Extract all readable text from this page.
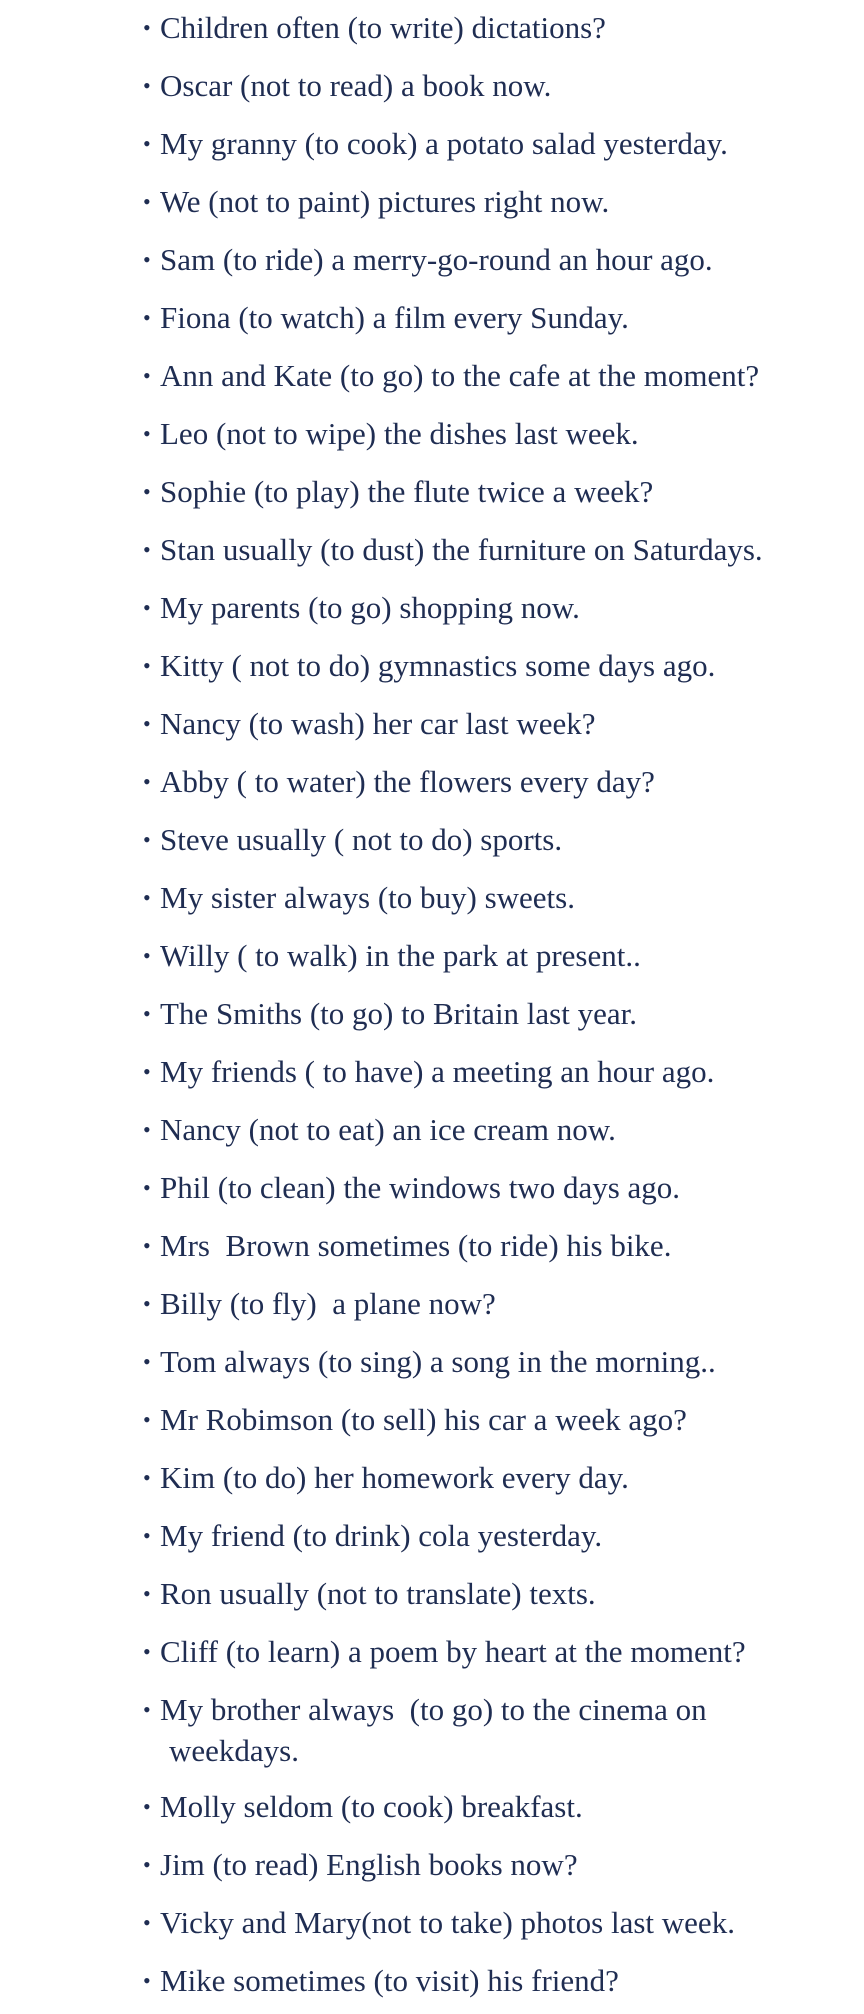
• Children often (to write) dictations?
• Oscar (not to read) a book now.
• My granny (to cook) a potato salad yesterday.
• We (not to paint) pictures right now.
• Sam (to ride) a merry-go-round an hour ago.
• Fiona (to watch) a film every Sunday.
• Ann and Kate (to go) to the cafe at the moment?
• Leo (not to wipe) the dishes last week.
• Sophie (to play) the flute twice a week?
• Stan usually (to dust) the furniture on Saturdays.
• My parents (to go) shopping now.
• Kitty ( not to do) gymnastics some days ago.
• Nancy (to wash) her car last week?
• Abby ( to water) the flowers every day?
• Steve usually ( not to do) sports.
• My sister always (to buy) sweets.
• Willy ( to walk) in the park at present..
• The Smiths (to go) to Britain last year.
• My friends ( to have) a meeting an hour ago.
• Nancy (not to eat) an ice cream now.
• Phil (to clean) the windows two days ago.
• Mrs  Brown sometimes (to ride) his bike.
• Billy (to fly)  a plane now?
• Tom always (to sing) a song in the morning..
• Mr Robimson (to sell) his car a week ago?
• Kim (to do) her homework every day.
• My friend (to drink) cola yesterday.
• Ron usually (not to translate) texts.
• Cliff (to learn) a poem by heart at the moment?
• My brother always  (to go) to the cinema on
weekdays.
• Molly seldom (to cook) breakfast.
• Jim (to read) English books now?
• Vicky and Mary(not to take) photos last week.
• Mike sometimes (to visit) his friend?
